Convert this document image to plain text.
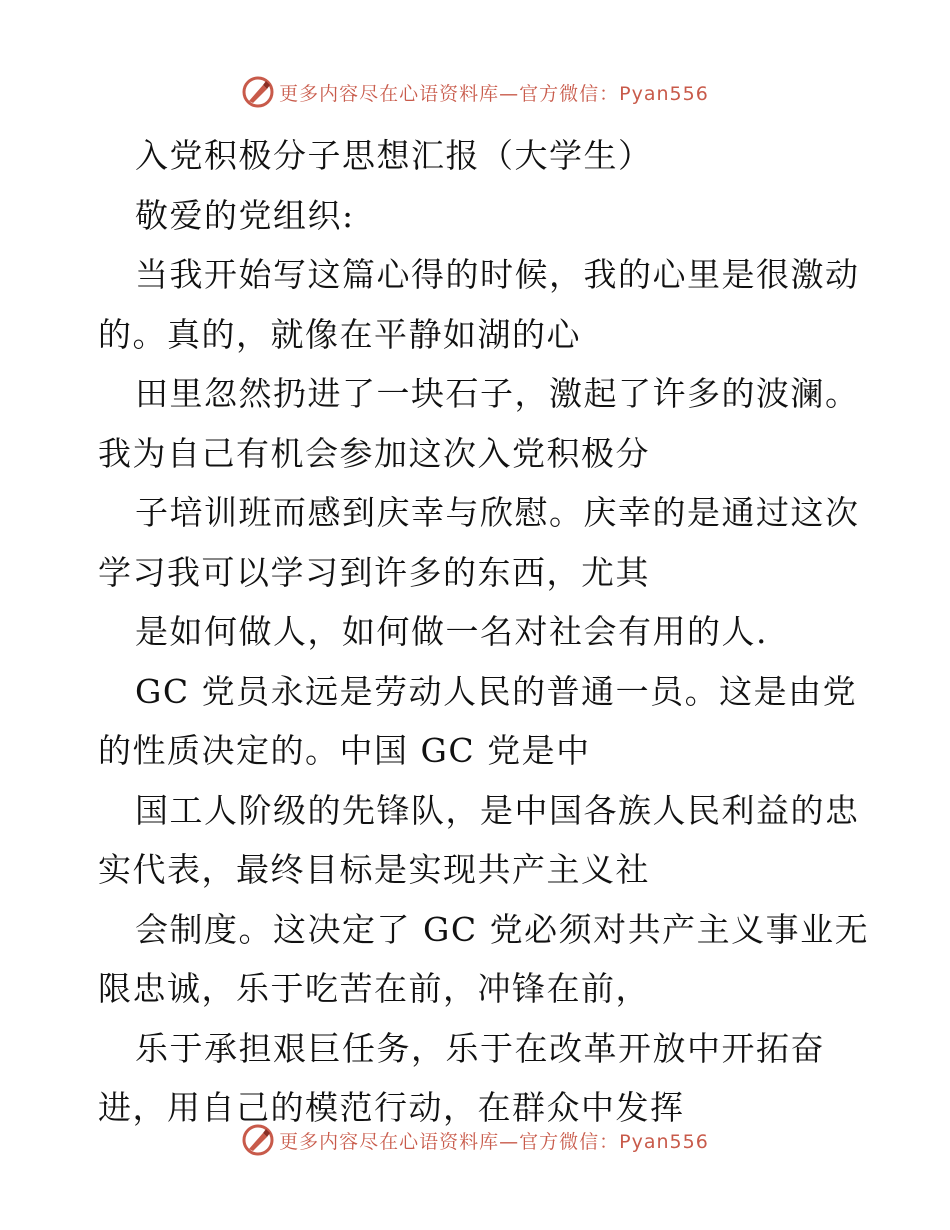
更多内容尽在心语资料库—官方微信：Pyan556
入党积极分子思想汇报（大学生）
敬爱的党组织:
当我开始写这篇心得的时候，我的心里是很激动
的。真的，就像在平静如湖的心
田里忽然扔进了一块石子，激起了许多的波澜。
我为自己有机会参加这次入党积极分
子培训班而感到庆幸与欣慰。庆幸的是通过这次
学习我可以学习到许多的东西，尤其
是如何做人，如何做一名对社会有用的人.
GC 党员永远是劳动人民的普通一员。这是由党
的性质决定的。中国 GC 党是中
国工人阶级的先锋队，是中国各族人民利益的忠
实代表，最终目标是实现共产主义社
会制度。这决定了 GC 党必须对共产主义事业无
限忠诚，乐于吃苦在前，冲锋在前，
乐于承担艰巨任务，乐于在改革开放中开拓奋
进，用自己的模范行动，在群众中发挥
更多内容尽在心语资料库—官方微信：Pyan556
